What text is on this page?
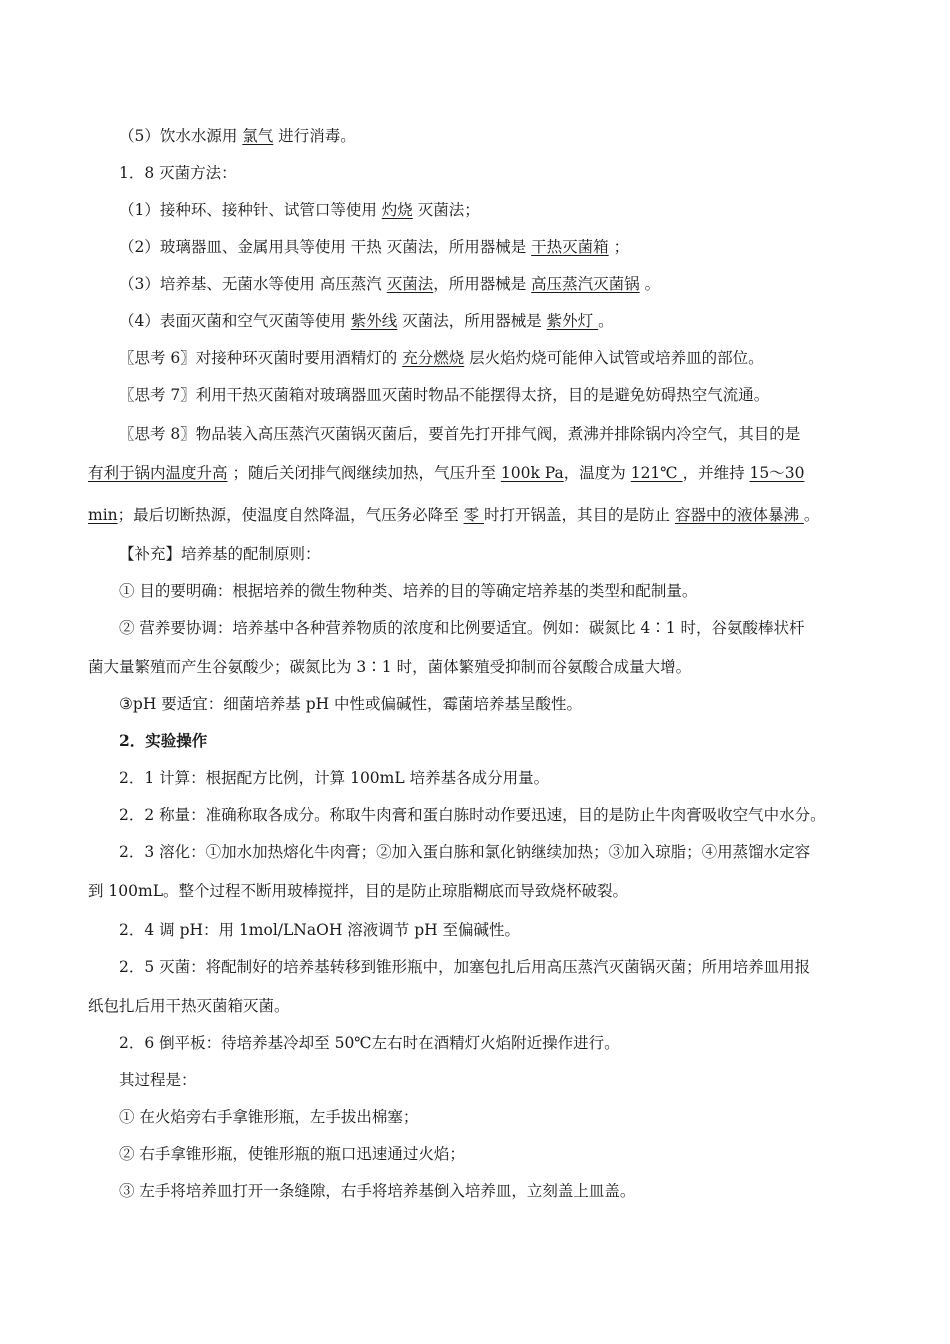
（5）饮水水源用 氯气 进行消毒。
1．8 灭菌方法：
（1）接种环、接种针、试管口等使用 灼烧 灭菌法；
（2）玻璃器皿、金属用具等使用 干热 灭菌法，所用器械是 干热灭菌箱 ；
（3）培养基、无菌水等使用 高压蒸汽 灭菌法，所用器械是 高压蒸汽灭菌锅 。
（4）表面灭菌和空气灭菌等使用 紫外线 灭菌法，所用器械是 紫外灯 。
〖思考 6〗对接种环灭菌时要用酒精灯的 充分燃烧 层火焰灼烧可能伸入试管或培养皿的部位。
〖思考 7〗利用干热灭菌箱对玻璃器皿灭菌时物品不能摆得太挤，目的是避免妨碍热空气流通。
〖思考 8〗物品装入高压蒸汽灭菌锅灭菌后，要首先打开排气阀，煮沸并排除锅内冷空气，其目的是
有利于锅内温度升高 ；随后关闭排气阀继续加热，气压升至 100k Pa，温度为 121℃ ，并维持 15～30
min；最后切断热源，使温度自然降温，气压务必降至 零 时打开锅盖，其目的是防止 容器中的液体暴沸 。
【补充】培养基的配制原则：
① 目的要明确：根据培养的微生物种类、培养的目的等确定培养基的类型和配制量。
② 营养要协调：培养基中各种营养物质的浓度和比例要适宜。例如：碳氮比 4∶1 时，谷氨酸棒状杆
菌大量繁殖而产生谷氨酸少；碳氮比为 3∶1 时，菌体繁殖受抑制而谷氨酸合成量大增。
③pH 要适宜：细菌培养基 pH 中性或偏碱性，霉菌培养基呈酸性。
2．实验操作
2．1 计算：根据配方比例，计算 100mL 培养基各成分用量。
2．2 称量：准确称取各成分。称取牛肉膏和蛋白胨时动作要迅速，目的是防止牛肉膏吸收空气中水分。
2．3 溶化：①加水加热熔化牛肉膏；②加入蛋白胨和氯化钠继续加热；③加入琼脂；④用蒸馏水定容
到 100mL。整个过程不断用玻棒搅拌，目的是防止琼脂糊底而导致烧杯破裂。
2．4 调 pH：用 1mol/LNaOH 溶液调节 pH 至偏碱性。
2．5 灭菌：将配制好的培养基转移到锥形瓶中，加塞包扎后用高压蒸汽灭菌锅灭菌；所用培养皿用报
纸包扎后用干热灭菌箱灭菌。
2．6 倒平板：待培养基冷却至 50℃左右时在酒精灯火焰附近操作进行。
其过程是：
① 在火焰旁右手拿锥形瓶，左手拔出棉塞；
② 右手拿锥形瓶，使锥形瓶的瓶口迅速通过火焰；
③ 左手将培养皿打开一条缝隙，右手将培养基倒入培养皿，立刻盖上皿盖。
